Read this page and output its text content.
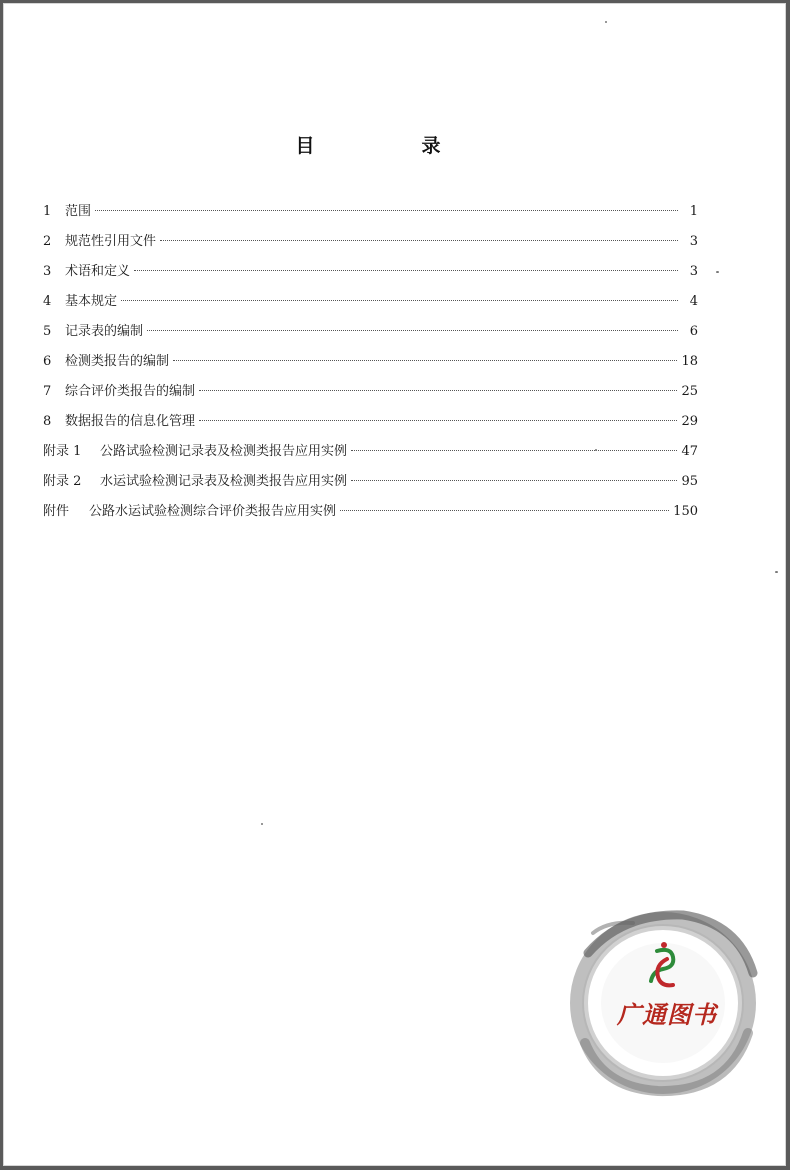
目　录
1	范围	1
2	规范性引用文件	3
3	术语和定义	3
4	基本规定	4
5	记录表的编制	6
6	检测类报告的编制	18
7	综合评价类报告的编制	25
8	数据报告的信息化管理	29
附录 1	公路试验检测记录表及检测类报告应用实例	47
附录 2	水运试验检测记录表及检测类报告应用实例	95
附件	公路水运试验检测综合评价类报告应用实例	150
广 通 图 书
